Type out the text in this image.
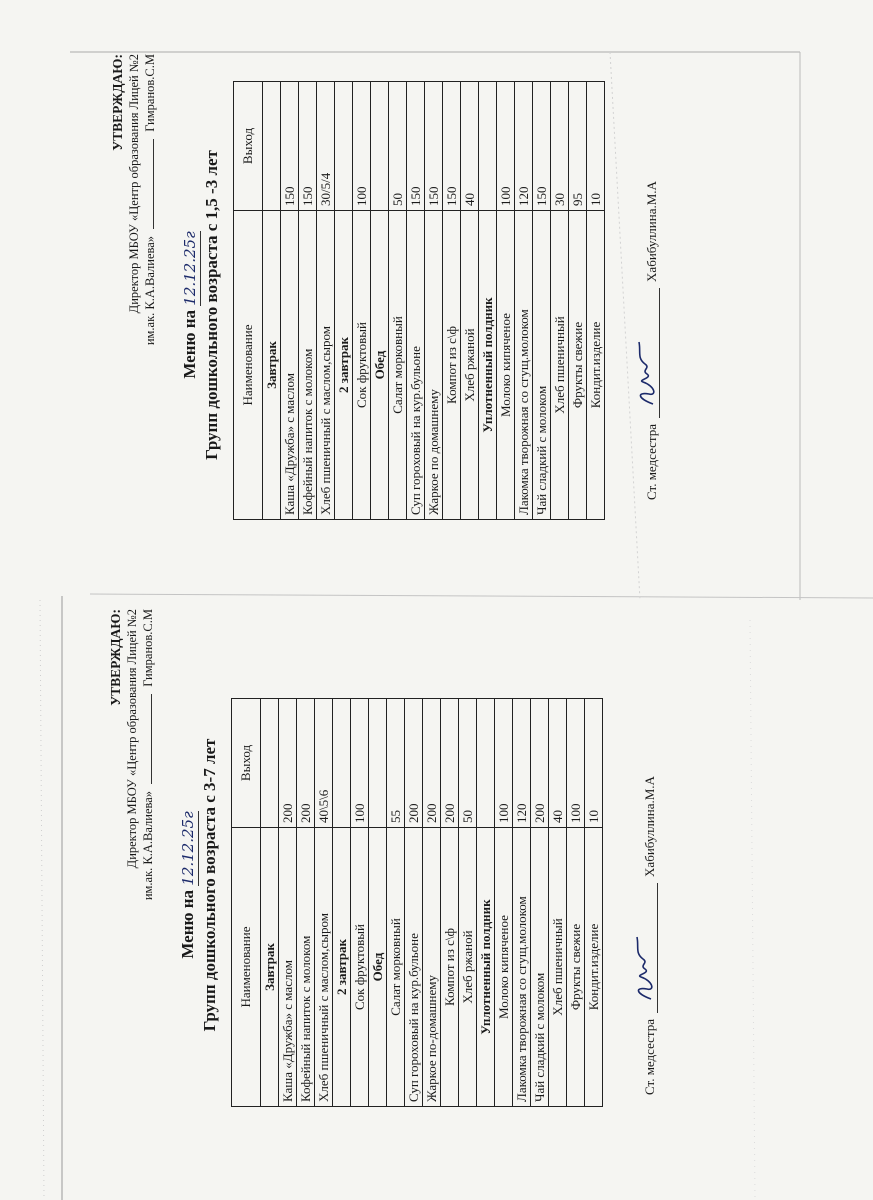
УТВЕРЖДАЮ: Директор МБОУ «Центр образования Лицей №2 им.ак. К.А.Валиева»  Гимранов.С.М
Меню на 12.12.25г Групп дошкольного возраста с 3-7 лет Наименование	Выход
Завтрак	
Каша «Дружба» с маслом	200
Кофейный напиток с молоком	200
Хлеб пшеничный с маслом,сыром	40\5\6
2 завтрак	
Сок фруктовый	100
Обед	
Салат морковный	55
Суп гороховый на кур.бульоне	200
Жаркое по-домашнему	200
Компот из с\ф	200
Хлеб ржаной	50
Уплотненный полдник	
Молоко кипяченое	100
Лакомка творожная со сгущ.молоком	120
Чай сладкий с молоком	200
Хлеб пшеничный	40
Фрукты свежие	100
Кондит.изделие	10
Ст. медсестра
Хабибуллина.М.А
УТВЕРЖДАЮ: Директор МБОУ «Центр образования Лицей №2 им.ак. К.А.Валиева»  Гимранов.С.М
Меню на 12.12.25г Групп дошкольного возраста с 1,5 -3 лет Наименование	Выход
Завтрак	
Каша «Дружба» с маслом	150
Кофейный напиток с молоком	150
Хлеб пшеничный с маслом,сыром	30/5/4
2 завтрак	
Сок фруктовый	100
Обед	
Салат морковный	50
Суп гороховый на кур.бульоне	150
Жаркое по домашнему	150
Компот из с\ф	150
Хлеб ржаной	40
Уплотненный полдник	
Молоко кипяченое	100
Лакомка творожная со сгущ.молоком	120
Чай сладкий с молоком	150
Хлеб пшеничный	30
Фрукты свежие	95
Кондит.изделие	10
Ст. медсестра
Хабибуллина.М.А
